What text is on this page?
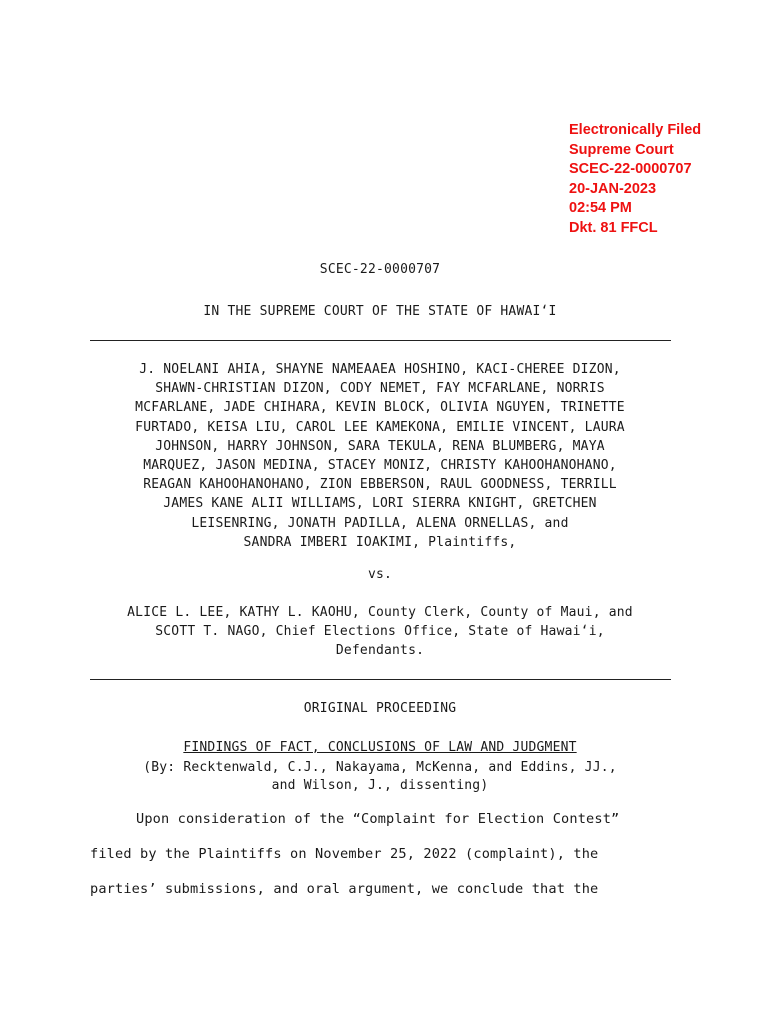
Electronically Filed
Supreme Court
SCEC-22-0000707
20-JAN-2023
02:54 PM
Dkt. 81 FFCL
SCEC-22-0000707
IN THE SUPREME COURT OF THE STATE OF HAWAIʻI
J. NOELANI AHIA, SHAYNE NAMEAAEA HOSHINO, KACI-CHEREE DIZON,
SHAWN-CHRISTIAN DIZON, CODY NEMET, FAY MCFARLANE, NORRIS
MCFARLANE, JADE CHIHARA, KEVIN BLOCK, OLIVIA NGUYEN, TRINETTE
FURTADO, KEISA LIU, CAROL LEE KAMEKONA, EMILIE VINCENT, LAURA
JOHNSON, HARRY JOHNSON, SARA TEKULA, RENA BLUMBERG, MAYA
MARQUEZ, JASON MEDINA, STACEY MONIZ, CHRISTY KAHOOHANOHANO,
REAGAN KAHOOHANOHANO, ZION EBBERSON, RAUL GOODNESS, TERRILL
JAMES KANE ALII WILLIAMS, LORI SIERRA KNIGHT, GRETCHEN
LEISENRING, JONATH PADILLA, ALENA ORNELLAS, and
SANDRA IMBERI IOAKIMI, Plaintiffs,
vs.
ALICE L. LEE, KATHY L. KAOHU, County Clerk, County of Maui, and
SCOTT T. NAGO, Chief Elections Office, State of Hawaiʻi,
Defendants.
ORIGINAL PROCEEDING
FINDINGS OF FACT, CONCLUSIONS OF LAW AND JUDGMENT
(By: Recktenwald, C.J., Nakayama, McKenna, and Eddins, JJ.,
and Wilson, J., dissenting)
Upon consideration of the “Complaint for Election Contest”
filed by the Plaintiffs on November 25, 2022 (complaint), the
parties’ submissions, and oral argument, we conclude that the
